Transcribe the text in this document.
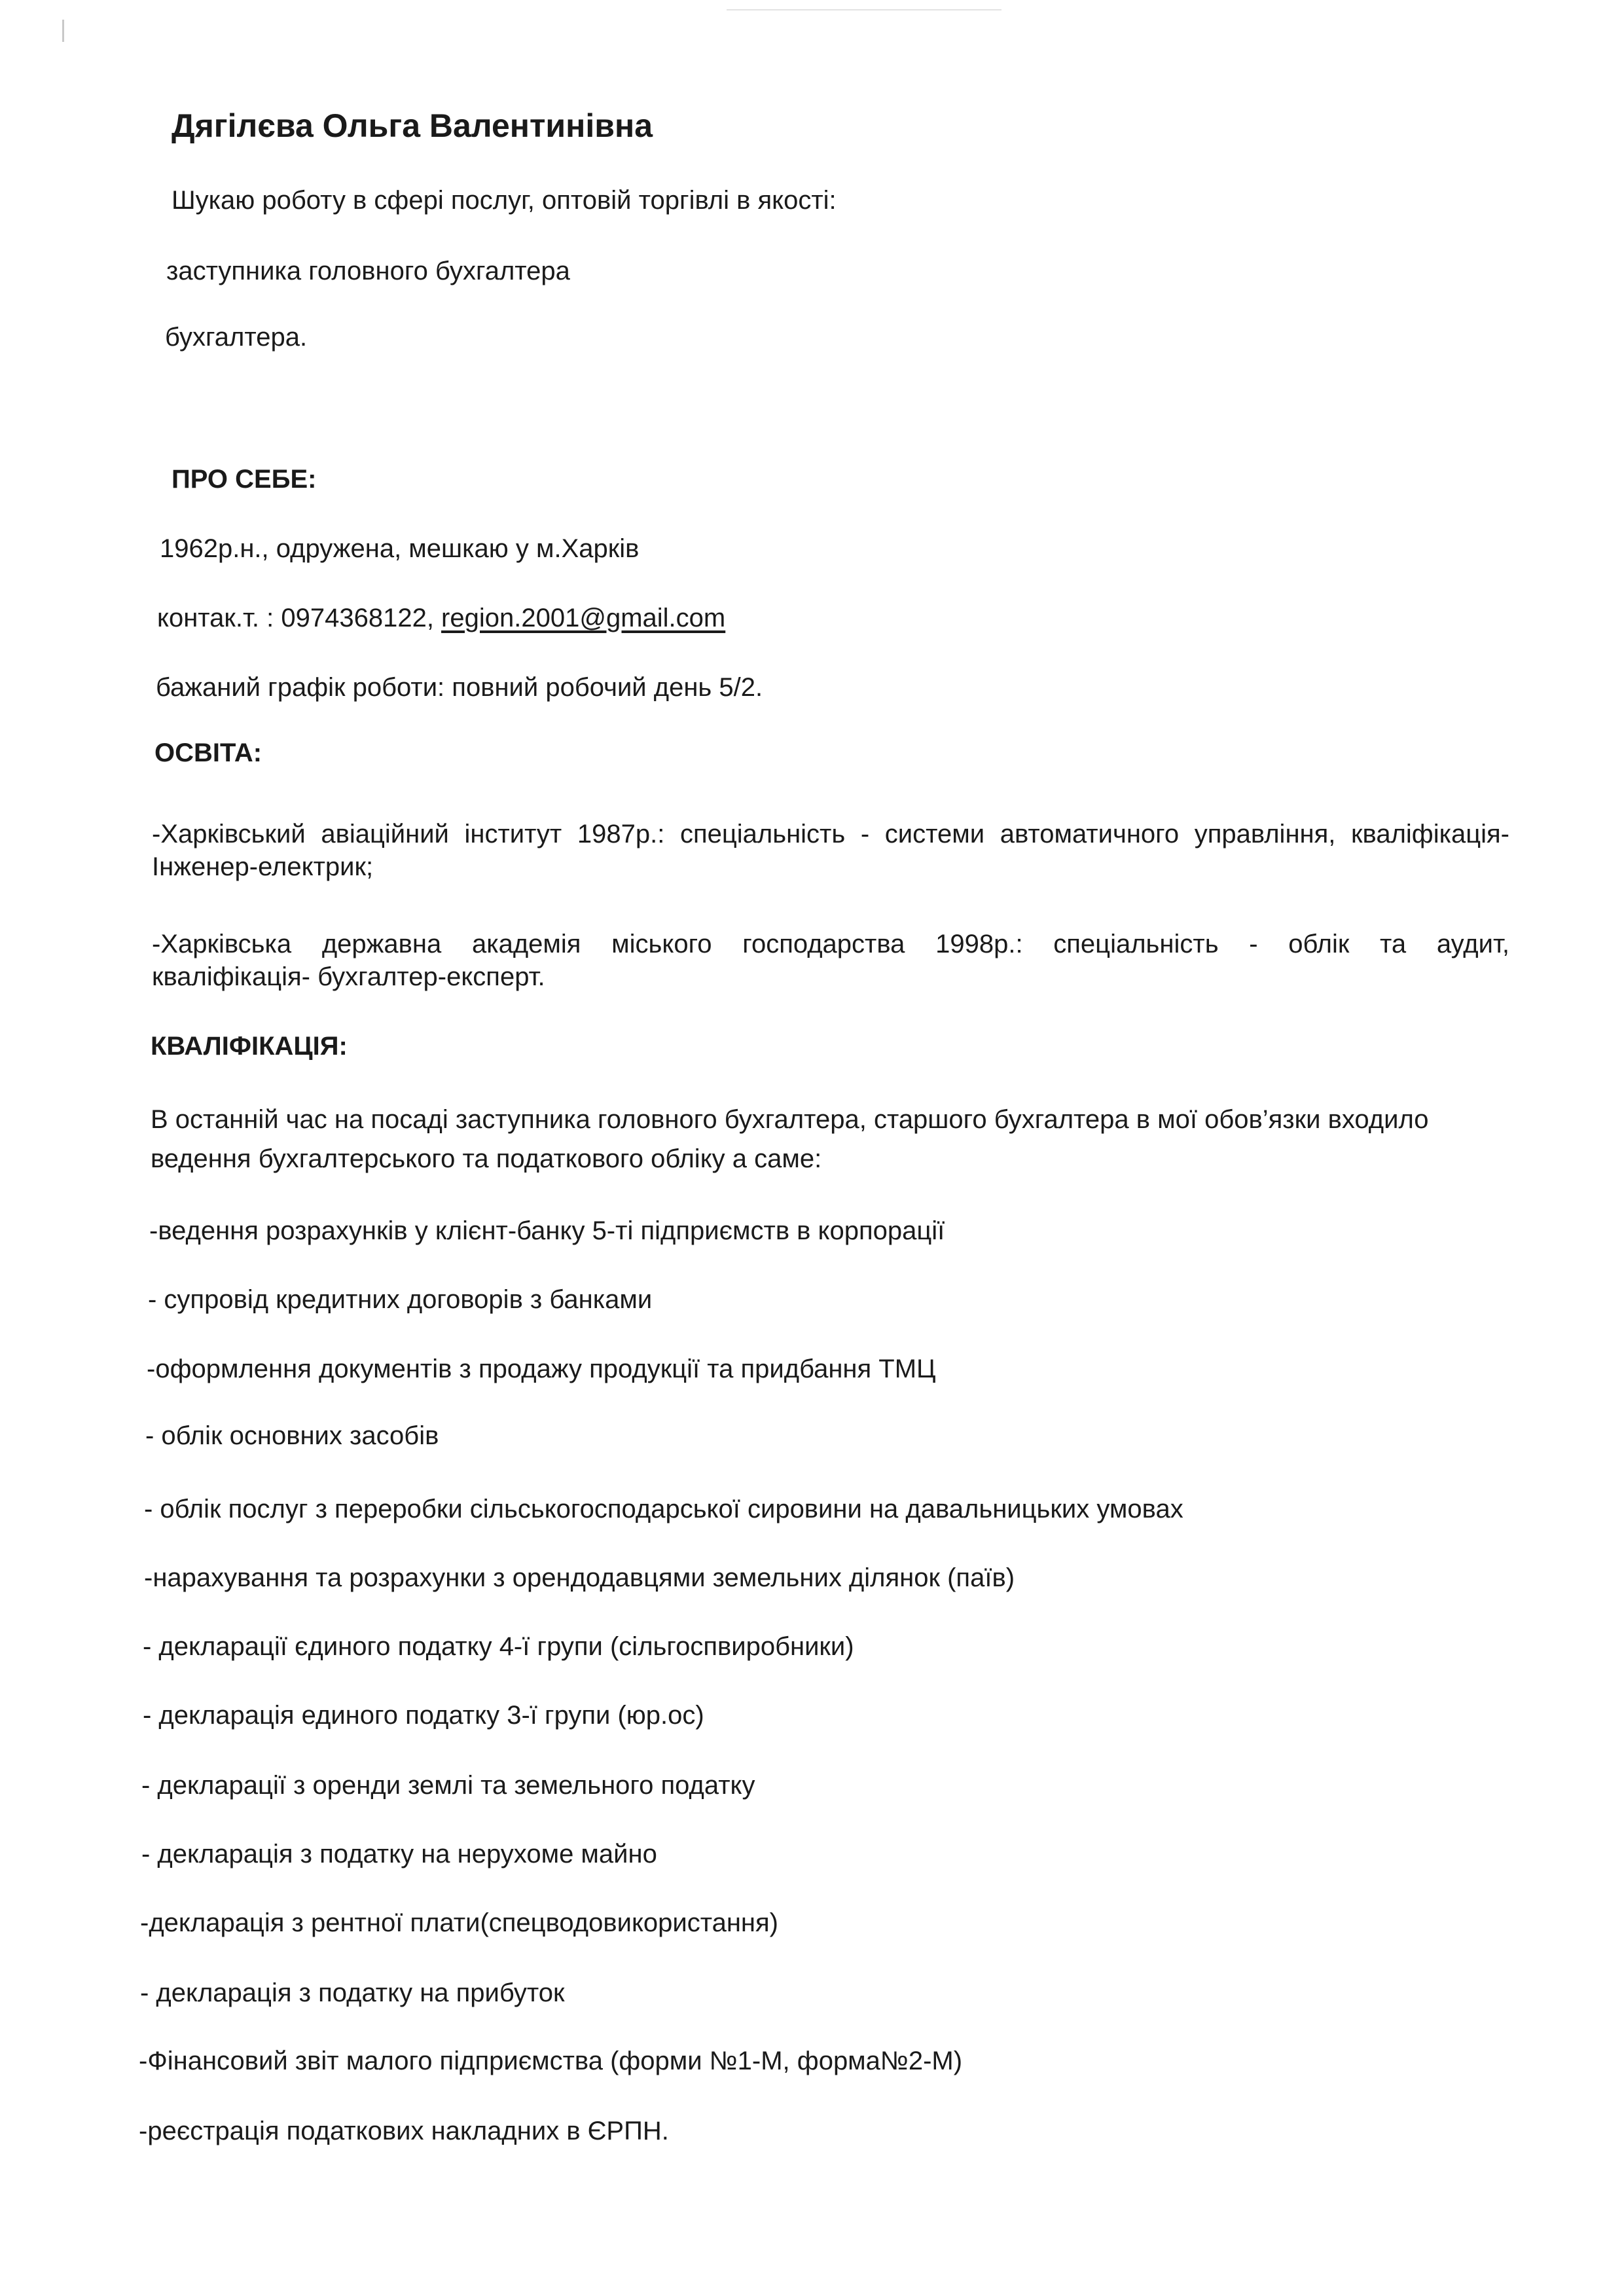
Дягілєва Ольга Валентинівна
Шукаю роботу в сфері послуг, оптовій торгівлі в якості:
заступника головного бухгалтера
бухгалтера.
ПРО СЕБЕ:
1962р.н., одружена, мешкаю у м.Харків
контак.т. : 0974368122, region.2001@gmail.com
бажаний графік роботи: повний робочий день 5/2.
ОСВІТА:
-Харківський авіаційний інститут 1987р.: спеціальність - системи автоматичного управління, кваліфікація-
Інженер-електрик;
-Харківська державна академія міського господарства 1998р.: спеціальність - облік та аудит,
кваліфікація- бухгалтер-експерт.
КВАЛІФІКАЦІЯ:
В останній час на посаді заступника головного бухгалтера, старшого бухгалтера в мої обов’язки входило
ведення бухгалтерського та податкового обліку а саме:
-ведення розрахунків у клієнт-банку 5-ті підприємств в корпорації
- супровід кредитних договорів з банками
-оформлення документів з продажу продукції та придбання ТМЦ
- облік основних засобів
- облік послуг з переробки сільськогосподарської сировини на давальницьких умовах
-нарахування та розрахунки з орендодавцями земельних ділянок (паїв)
- декларації єдиного податку 4-ї групи (сільгоспвиробники)
- декларація единого податку 3-ї групи (юр.ос)
- декларації з оренди землі та земельного податку
- декларація з податку на нерухоме майно
-декларація з рентної плати(спецводовикористання)
- декларація з податку на прибуток
-Фінансовий звіт малого підприємства (форми №1-М, форма№2-М)
-реєстрація податкових накладних в ЄРПН.
